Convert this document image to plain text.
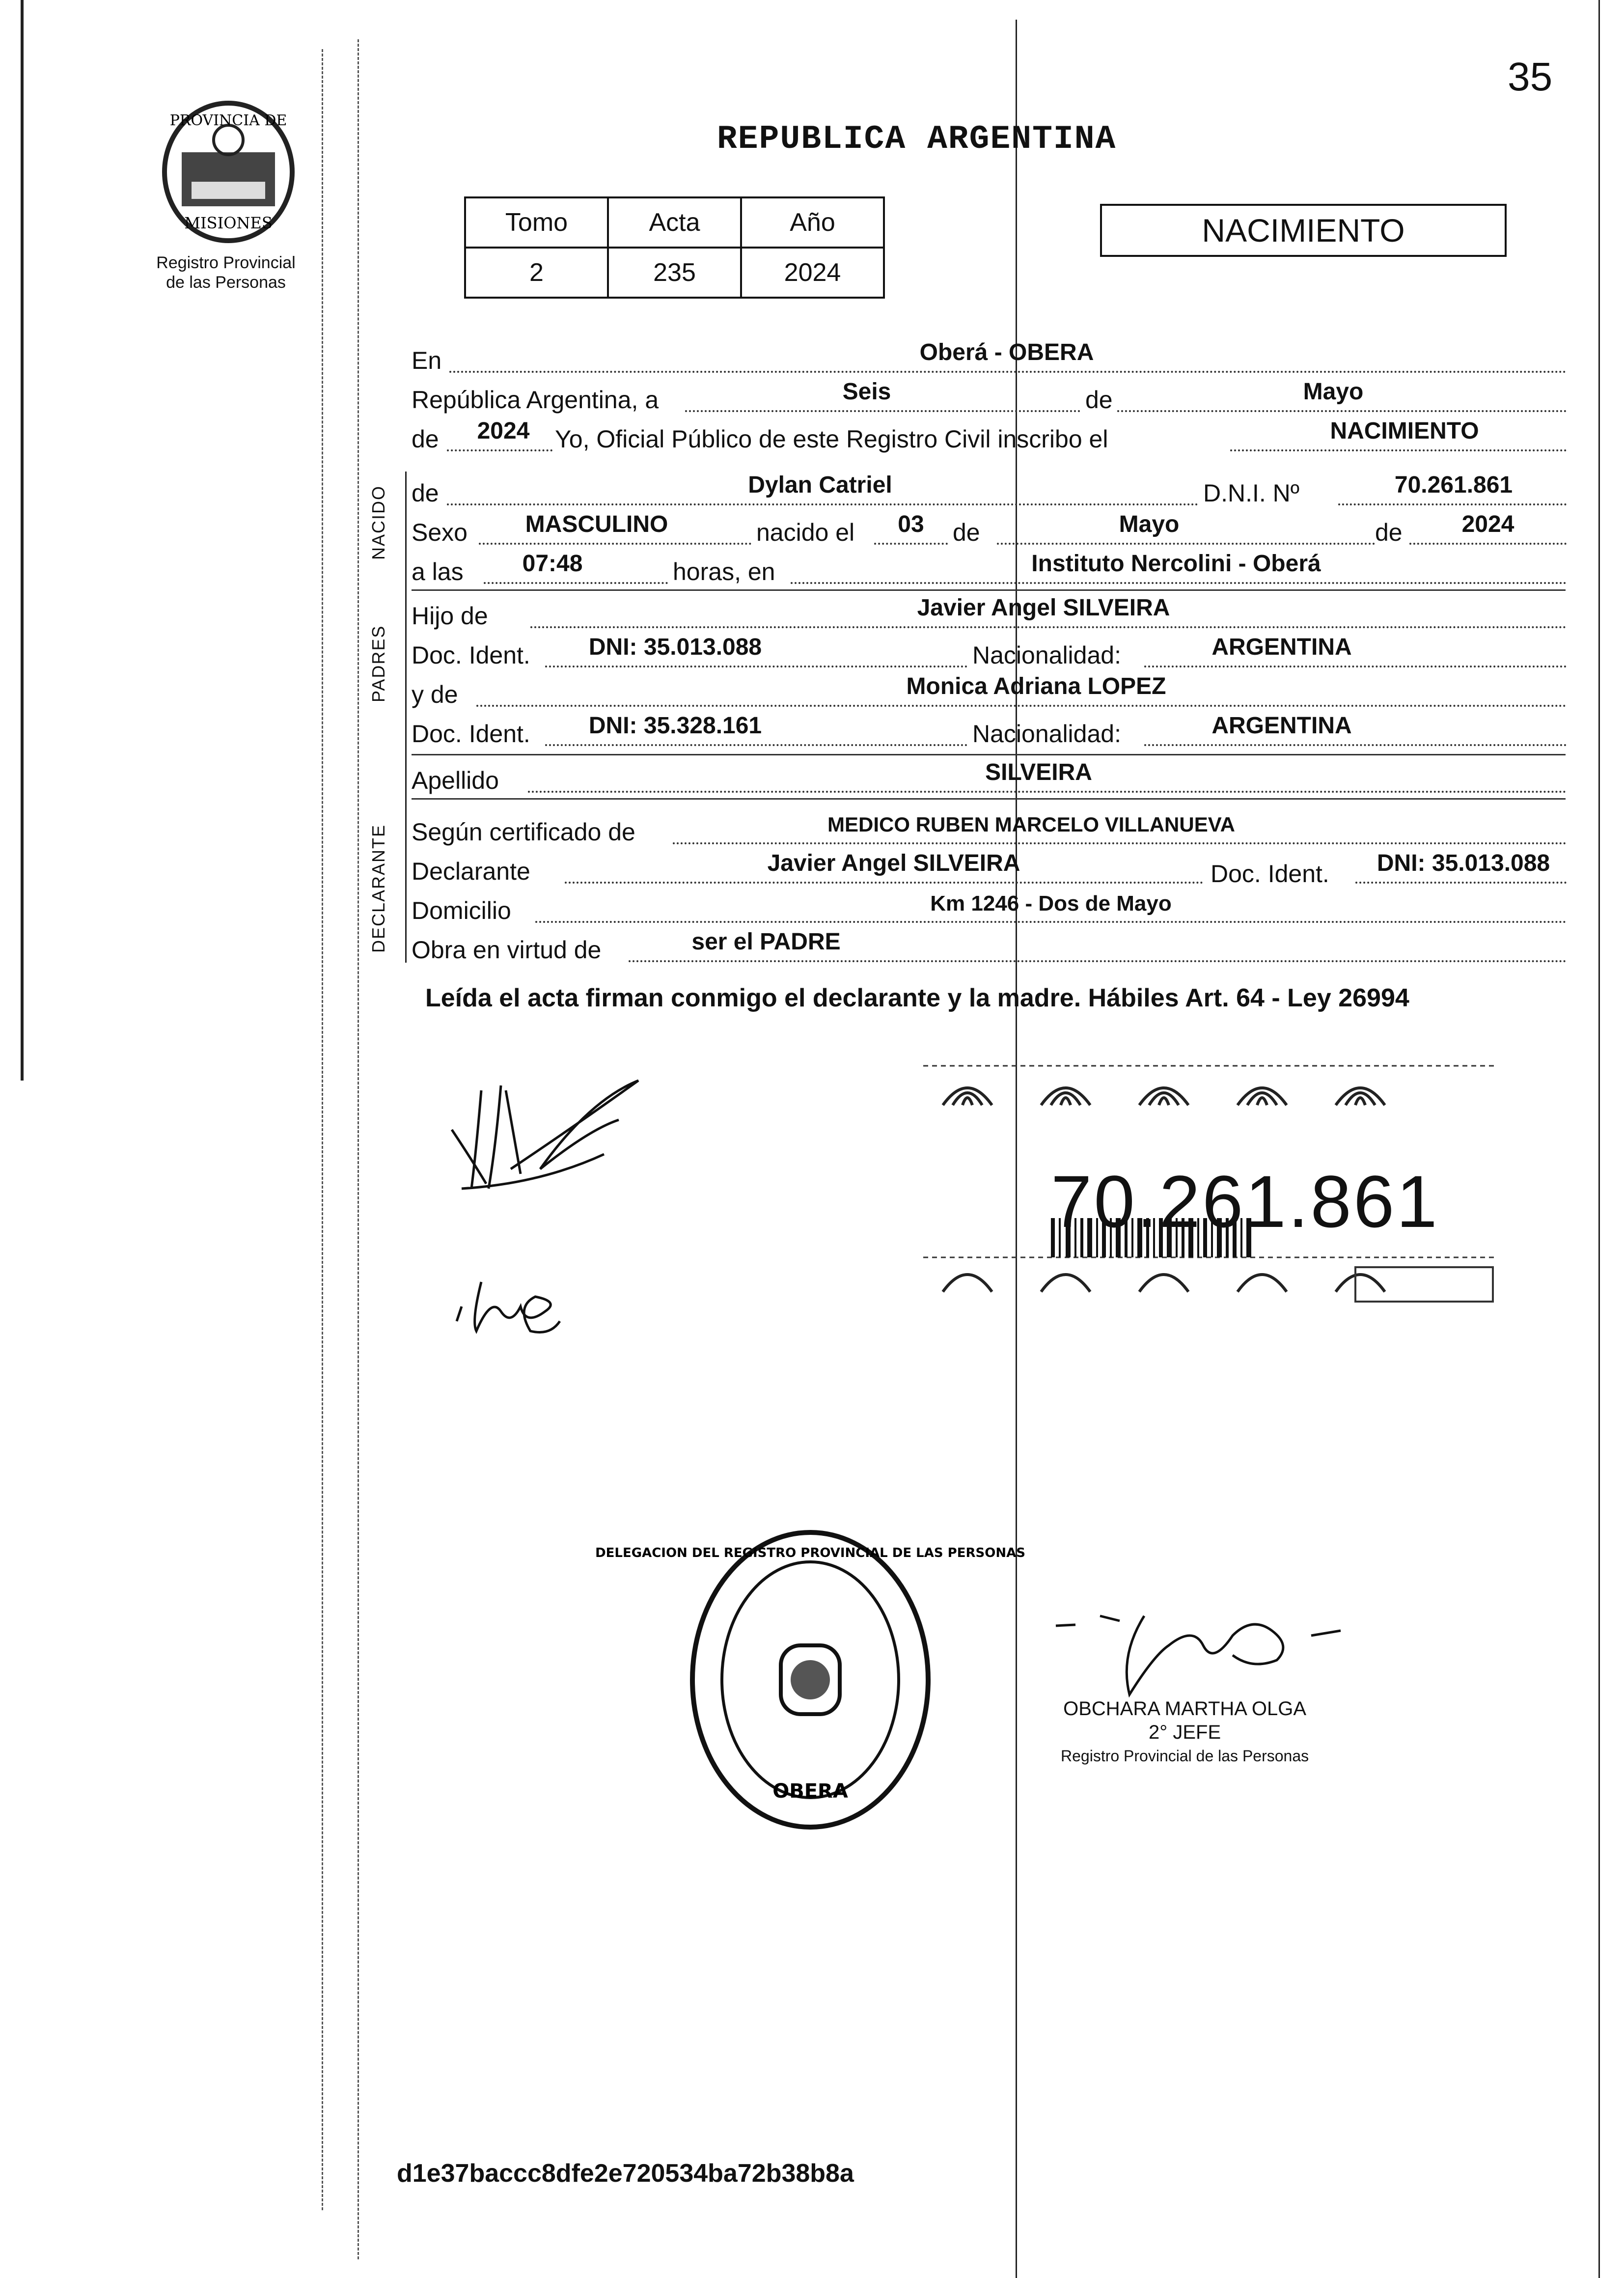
35
PROVINCIA DE
MISIONES
Registro Provincial
de las Personas
REPUBLICA ARGENTINA
Tomo	Acta	Año
2	235	2024
NACIMIENTO
NACIDO
PADRES
DECLARANTE
En	Oberá - OBERA
República Argentina, a	Seis	de	Mayo
de 2024 Yo, Oficial Público de este Registro Civil inscribo el	NACIMIENTO
de	Dylan Catriel	D.N.I. Nº	70.261.861
Sexo MASCULINO	nacido el 03 de	Mayo	de	2024
a las 07:48	horas, en	Instituto Nercolini - Oberá
Hijo de	Javier Angel SILVEIRA
Doc. Ident. DNI: 35.013.088	Nacionalidad:	ARGENTINA
y de	Monica Adriana LOPEZ
Doc. Ident. DNI: 35.328.161	Nacionalidad:	ARGENTINA
Apellido	SILVEIRA
Según certificado de	MEDICO RUBEN MARCELO VILLANUEVA
Declarante	Javier Angel SILVEIRA	Doc. Ident. DNI: 35.013.088
Domicilio	Km 1246 - Dos de Mayo
Obra en virtud de	ser el PADRE
Leída el acta firman conmigo el declarante y la madre. Hábiles Art. 64 - Ley 26994
70.261.861
OBERA
DELEGACION DEL REGISTRO PROVINCIAL DE LAS PERSONAS
OBCHARA MARTHA OLGA
2° JEFE
Registro Provincial de las Personas
d1e37baccc8dfe2e720534ba72b38b8a
